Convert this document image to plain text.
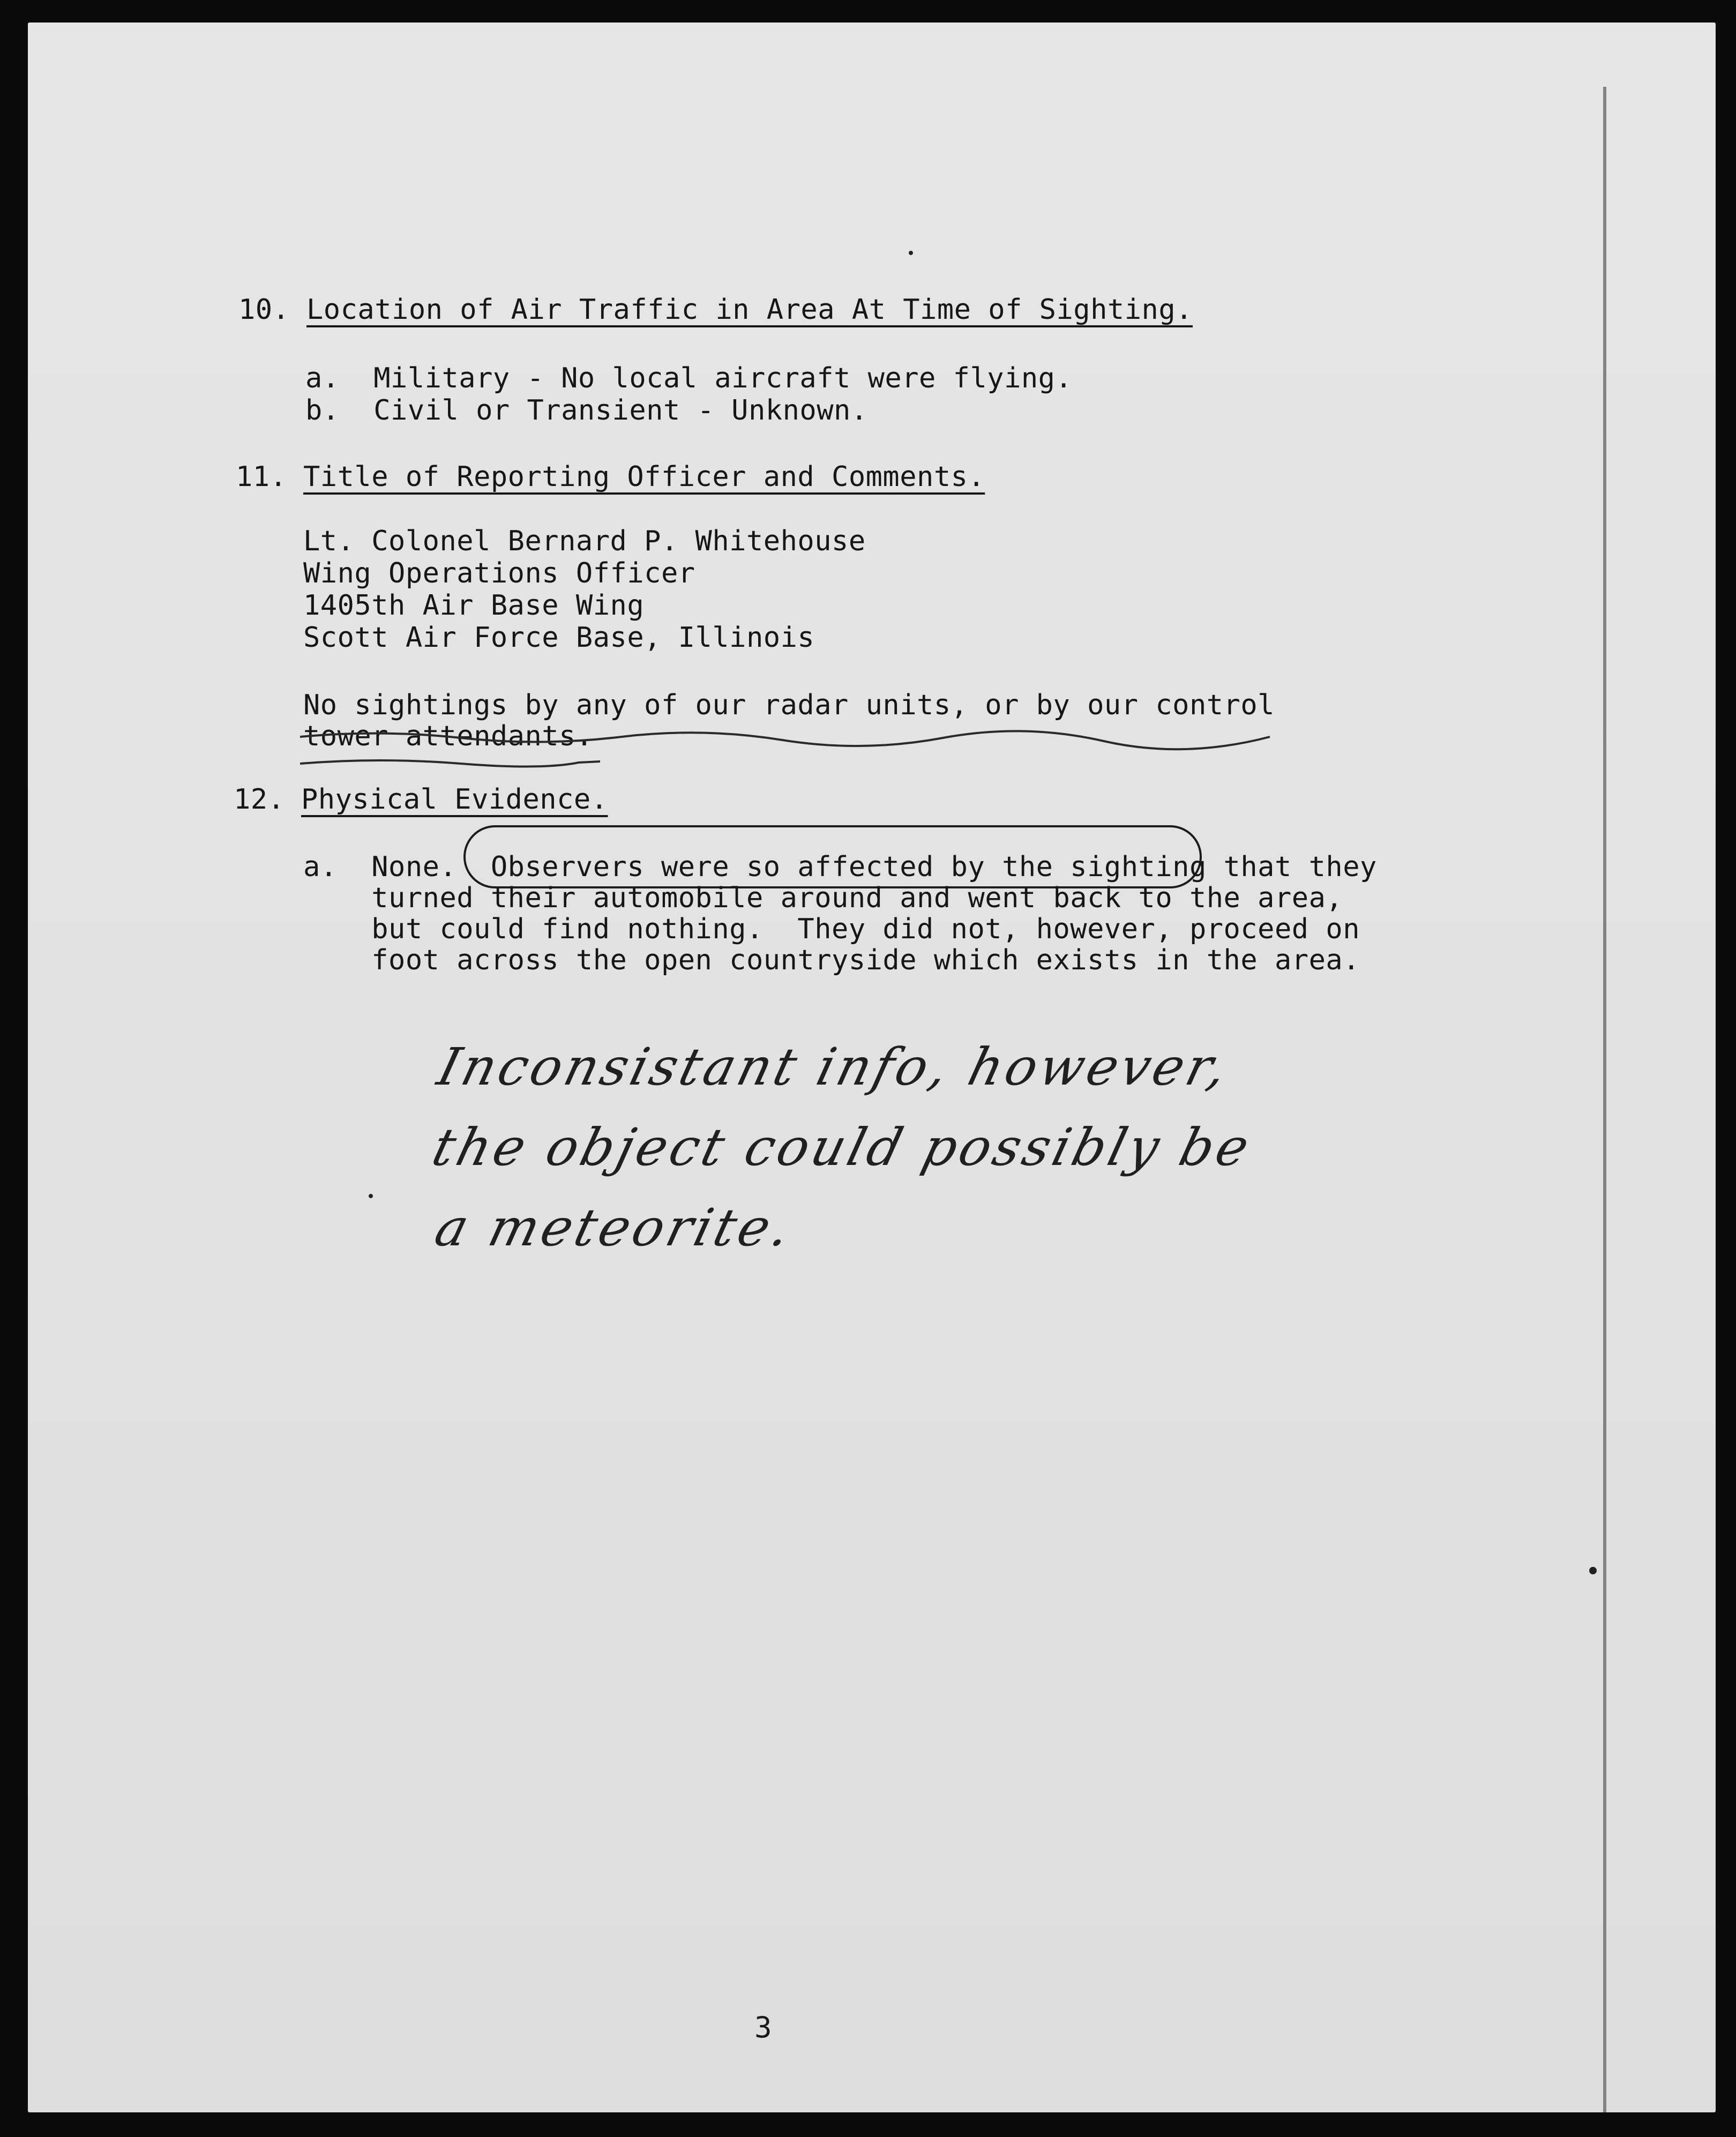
10. Location of Air Traffic in Area At Time of Sighting.
a.  Military - No local aircraft were flying.
b.  Civil or Transient - Unknown.
11. Title of Reporting Officer and Comments.
Lt. Colonel Bernard P. Whitehouse
Wing Operations Officer
1405th Air Base Wing
Scott Air Force Base, Illinois
No sightings by any of our radar units, or by our control
tower attendants.
12. Physical Evidence.
a.  None.  Observers were so affected by the sighting that they
turned their automobile around and went back to the area,
but could find nothing.  They did not, however, proceed on
foot across the open countryside which exists in the area.
Inconsistant info, however,
the object could possibly be
a meteorite.
3
